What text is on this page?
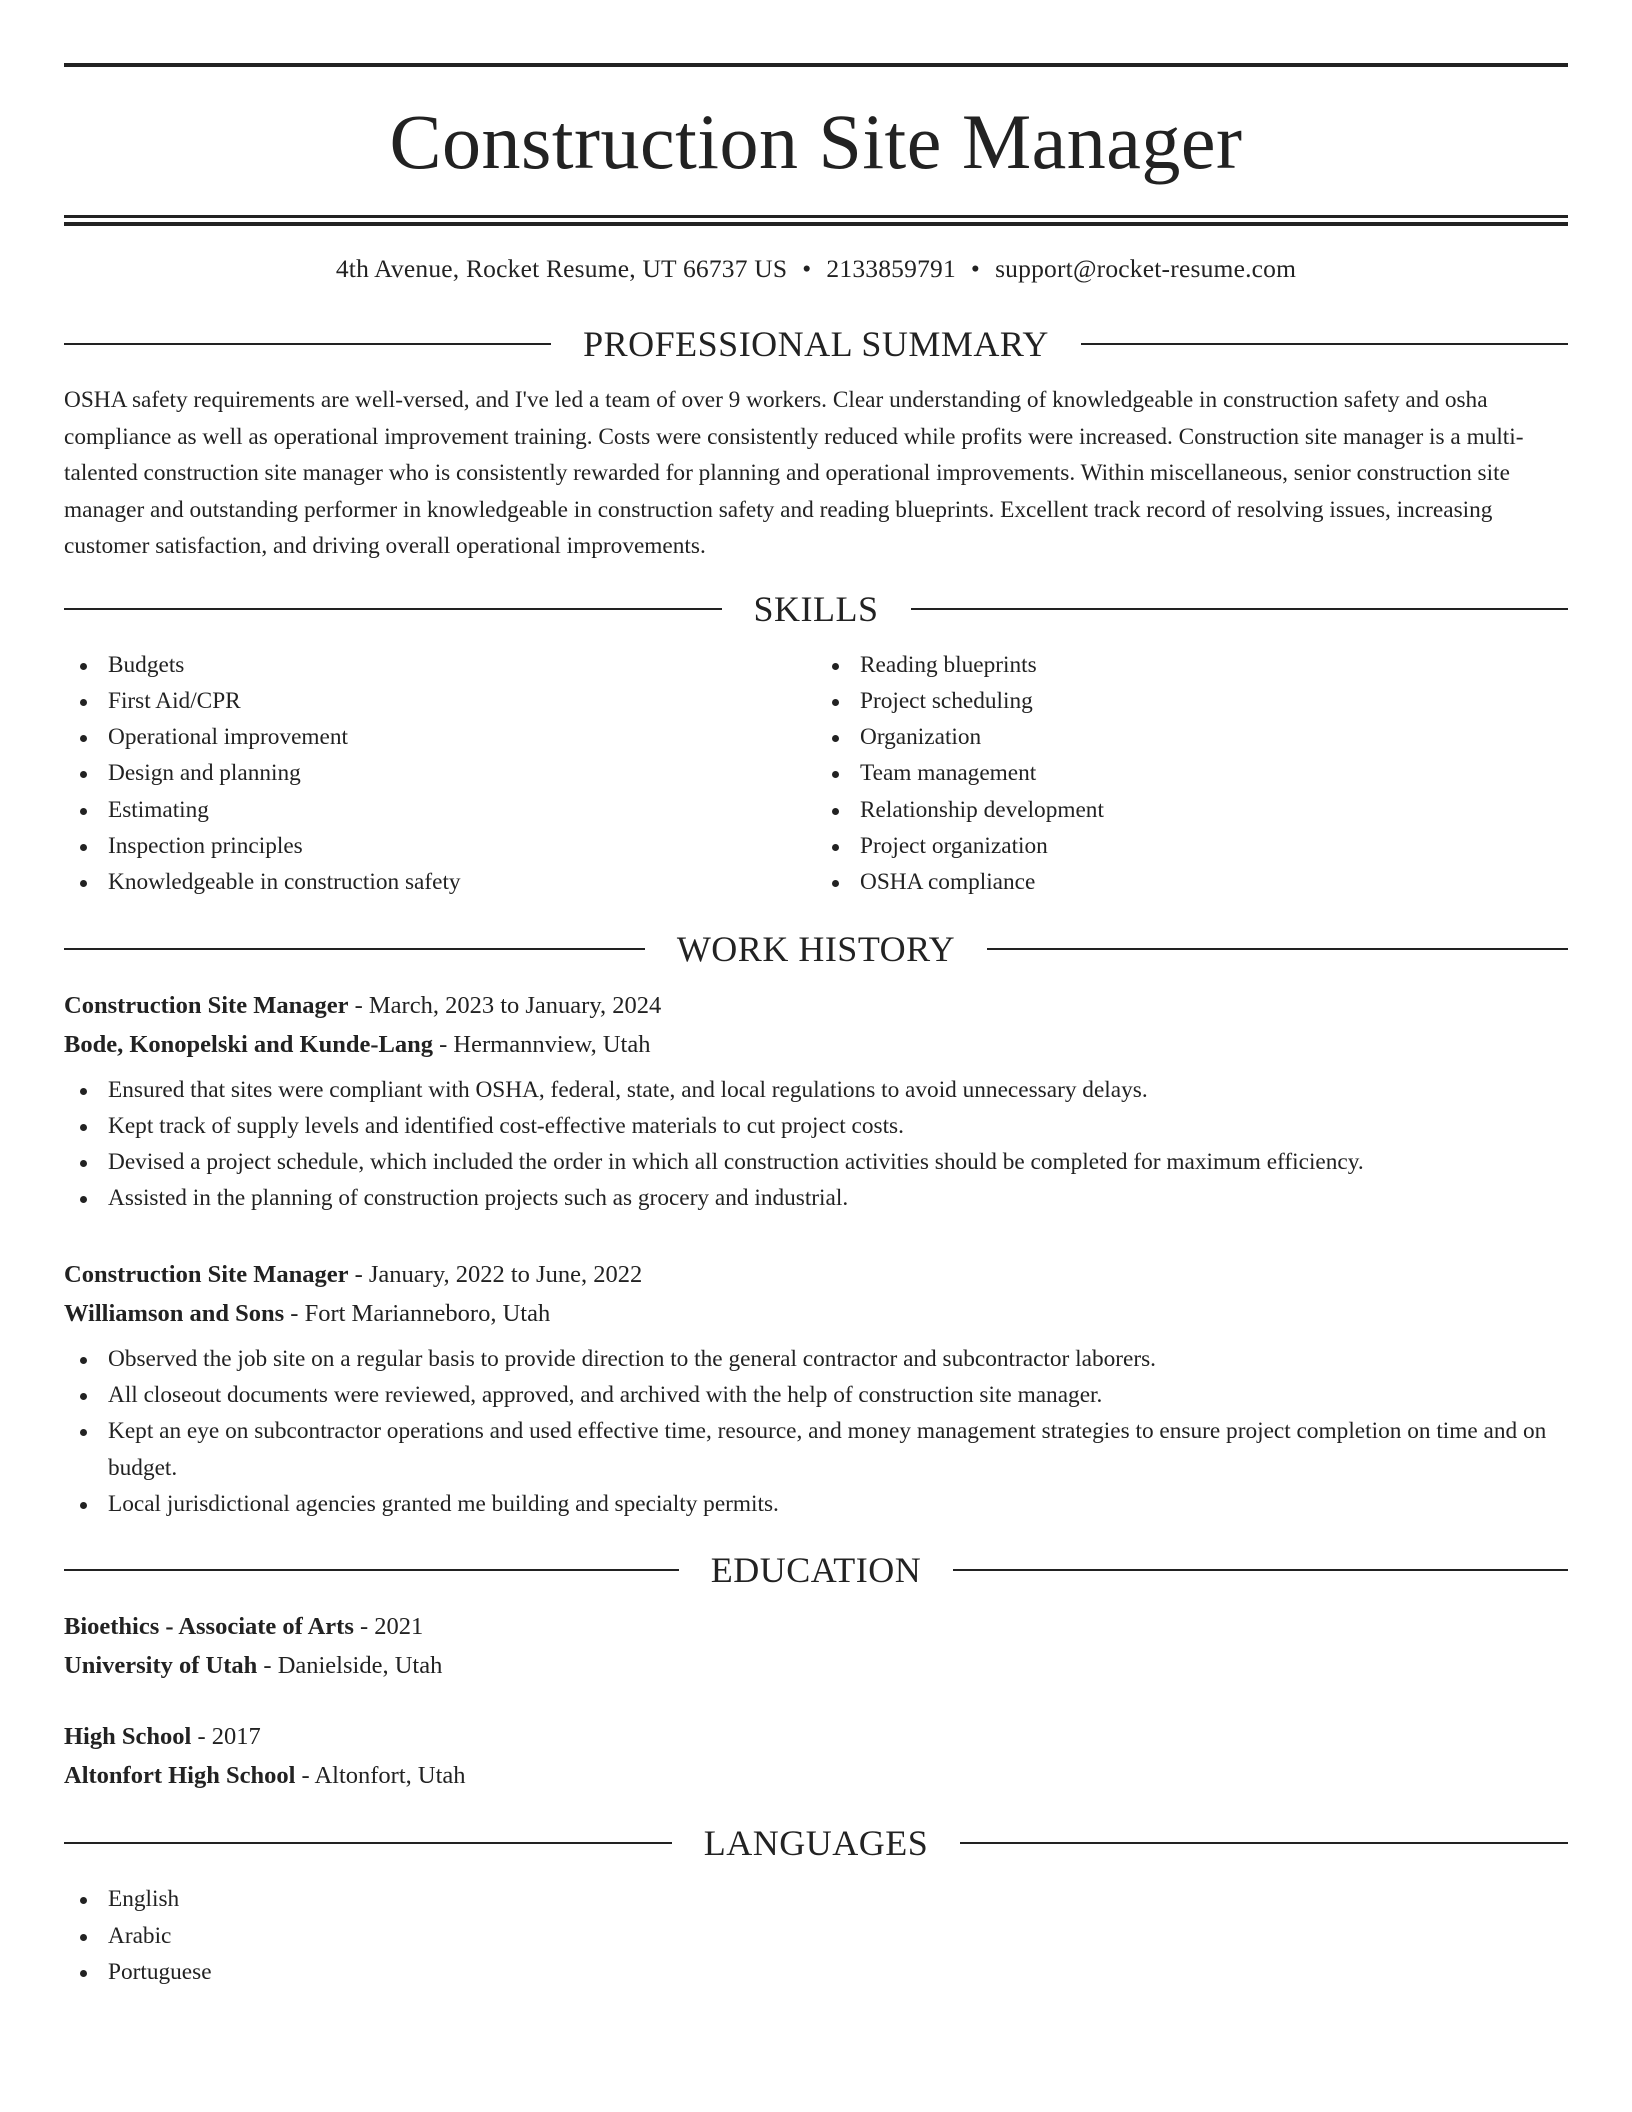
Construction Site Manager
4th Avenue, Rocket Resume, UT 66737 US • 2133859791 • support@rocket-resume.com
PROFESSIONAL SUMMARY

OSHA safety requirements are well-versed, and I've led a team of over 9 workers. Clear understanding of knowledgeable in construction safety and osha compliance as well as operational improvement training. Costs were consistently reduced while profits were increased. Construction site manager is a multi-talented construction site manager who is consistently rewarded for planning and operational improvements. Within miscellaneous, senior construction site manager and outstanding performer in knowledgeable in construction safety and reading blueprints. Excellent track record of resolving issues, increasing customer satisfaction, and driving overall operational improvements.

SKILLS
Budgets
First Aid/CPR
Operational improvement
Design and planning
Estimating
Inspection principles
Knowledgeable in construction safety
Reading blueprints
Project scheduling
Organization
Team management
Relationship development
Project organization
OSHA compliance
WORK HISTORY
Construction Site Manager - March, 2023 to January, 2024
Bode, Konopelski and Kunde-Lang - Hermannview, Utah
Ensured that sites were compliant with OSHA, federal, state, and local regulations to avoid unnecessary delays.
Kept track of supply levels and identified cost-effective materials to cut project costs.
Devised a project schedule, which included the order in which all construction activities should be completed for maximum efficiency.
Assisted in the planning of construction projects such as grocery and industrial.
Construction Site Manager - January, 2022 to June, 2022
Williamson and Sons - Fort Marianneboro, Utah
Observed the job site on a regular basis to provide direction to the general contractor and subcontractor laborers.
All closeout documents were reviewed, approved, and archived with the help of construction site manager.
Kept an eye on subcontractor operations and used effective time, resource, and money management strategies to ensure project completion on time and on budget.
Local jurisdictional agencies granted me building and specialty permits.
EDUCATION
Bioethics - Associate of Arts - 2021
University of Utah - Danielside, Utah
High School - 2017
Altonfort High School - Altonfort, Utah
LANGUAGES
English
Arabic
Portuguese
